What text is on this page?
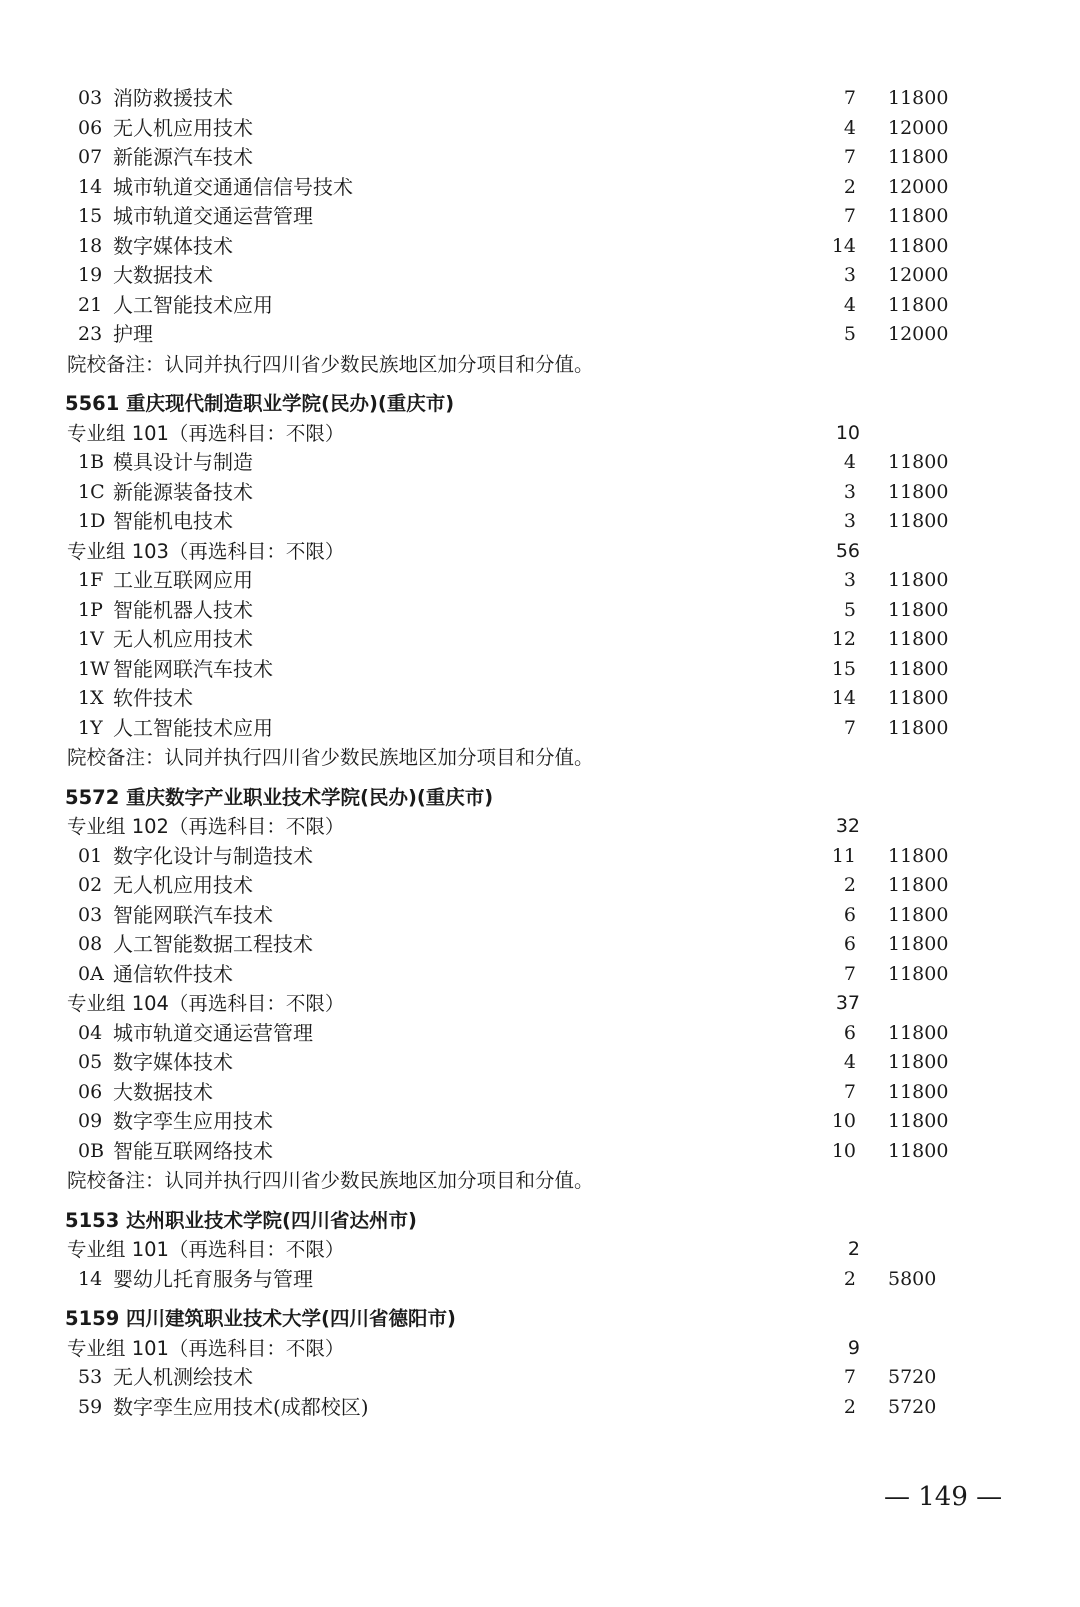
03 消防救援技术	7 11800
06 无人机应用技术	4 12000
07 新能源汽车技术	7 11800
14 城市轨道交通通信信号技术	2 12000
15 城市轨道交通运营管理	7 11800
18 数字媒体技术	14 11800
19 大数据技术	3 12000
21 人工智能技术应用	4 11800
23 护理	5 12000
院校备注：认同并执行四川省少数民族地区加分项目和分值。
5561 重庆现代制造职业学院(民办)(重庆市)
专业组 101（再选科目：不限）	10
1B 模具设计与制造	4 11800
1C 新能源装备技术	3 11800
1D 智能机电技术	3 11800
专业组 103（再选科目：不限）	56
1F 工业互联网应用	3 11800
1P 智能机器人技术	5 11800
1V 无人机应用技术	12 11800
1W 智能网联汽车技术	15 11800
1X 软件技术	14 11800
1Y 人工智能技术应用	7 11800
院校备注：认同并执行四川省少数民族地区加分项目和分值。
5572 重庆数字产业职业技术学院(民办)(重庆市)
专业组 102（再选科目：不限）	32
01 数字化设计与制造技术	11 11800
02 无人机应用技术	2 11800
03 智能网联汽车技术	6 11800
08 人工智能数据工程技术	6 11800
0A 通信软件技术	7 11800
专业组 104（再选科目：不限）	37
04 城市轨道交通运营管理	6 11800
05 数字媒体技术	4 11800
06 大数据技术	7 11800
09 数字孪生应用技术	10 11800
0B 智能互联网络技术	10 11800
院校备注：认同并执行四川省少数民族地区加分项目和分值。
5153 达州职业技术学院(四川省达州市)
专业组 101（再选科目：不限）	2
14 婴幼儿托育服务与管理	2 5800
5159 四川建筑职业技术大学(四川省德阳市)
专业组 101（再选科目：不限）	9
53 无人机测绘技术	7 5720
59 数字孪生应用技术(成都校区)	2 5720
— 149 —
